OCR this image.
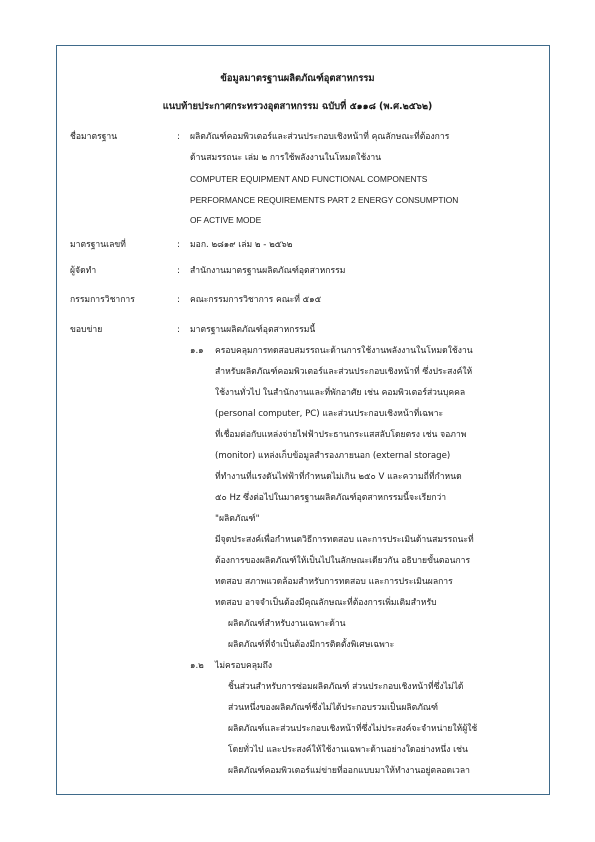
ข้อมูลมาตรฐานผลิตภัณฑ์อุตสาหกรรม
แนบท้ายประกาศกระทรวงอุตสาหกรรม ฉบับที่ ๕๑๑๘ (พ.ศ.๒๕๖๒)
ชื่อมาตรฐาน	: ผลิตภัณฑ์คอมพิวเตอร์และส่วนประกอบเชิงหน้าที่ คุณลักษณะที่ต้องการ
ด้านสมรรถนะ เล่ม ๒ การใช้พลังงานในโหมดใช้งาน
COMPUTER EQUIPMENT AND FUNCTIONAL COMPONENTS
PERFORMANCE REQUIREMENTS PART 2 ENERGY CONSUMPTION
OF ACTIVE MODE
มาตรฐานเลขที่	: มอก. ๒๘๑๙ เล่ม ๒ - ๒๕๖๒
ผู้จัดทำ	: สำนักงานมาตรฐานผลิตภัณฑ์อุตสาหกรรม
กรรมการวิชาการ	: คณะกรรมการวิชาการ คณะที่ ๕๑๕
ขอบข่าย	: มาตรฐานผลิตภัณฑ์อุตสาหกรรมนี้
๑.๑ ครอบคลุมการทดสอบสมรรถนะด้านการใช้งานพลังงานในโหมดใช้งาน
สำหรับผลิตภัณฑ์คอมพิวเตอร์และส่วนประกอบเชิงหน้าที่ ซึ่งประสงค์ให้
ใช้งานทั่วไป ในสำนักงานและที่พักอาศัย เช่น คอมพิวเตอร์ส่วนบุคคล
(personal computer, PC) และส่วนประกอบเชิงหน้าที่เฉพาะ
ที่เชื่อมต่อกับแหล่งจ่ายไฟฟ้าประธานกระแสสลับโดยตรง เช่น จอภาพ
(monitor) แหล่งเก็บข้อมูลสำรองภายนอก (external storage)
ที่ทำงานที่แรงดันไฟฟ้าที่กำหนดไม่เกิน ๒๕๐ V และความถี่ที่กำหนด
๕๐ Hz ซึ่งต่อไปในมาตรฐานผลิตภัณฑ์อุตสาหกรรมนี้จะเรียกว่า
"ผลิตภัณฑ์"
มีจุดประสงค์เพื่อกำหนดวิธีการทดสอบ และการประเมินด้านสมรรถนะที่
ต้องการของผลิตภัณฑ์ให้เป็นไปในลักษณะเดียวกัน อธิบายขั้นตอนการ
ทดสอบ สภาพแวดล้อมสำหรับการทดสอบ และการประเมินผลการ
ทดสอบ อาจจำเป็นต้องมีคุณลักษณะที่ต้องการเพิ่มเติมสำหรับ
ผลิตภัณฑ์สำหรับงานเฉพาะด้าน
ผลิตภัณฑ์ที่จำเป็นต้องมีการติดตั้งพิเศษเฉพาะ
๑.๒ ไม่ครอบคลุมถึง
ชิ้นส่วนสำหรับการซ่อมผลิตภัณฑ์ ส่วนประกอบเชิงหน้าที่ซึ่งไม่ได้
ส่วนหนึ่งของผลิตภัณฑ์ซึ่งไม่ได้ประกอบรวมเป็นผลิตภัณฑ์
ผลิตภัณฑ์และส่วนประกอบเชิงหน้าที่ซึ่งไม่ประสงค์จะจำหน่ายให้ผู้ใช้
โดยทั่วไป และประสงค์ให้ใช้งานเฉพาะด้านอย่างใดอย่างหนึ่ง เช่น
ผลิตภัณฑ์คอมพิวเตอร์แม่ข่ายที่ออกแบบมาให้ทำงานอยู่ตลอดเวลา
